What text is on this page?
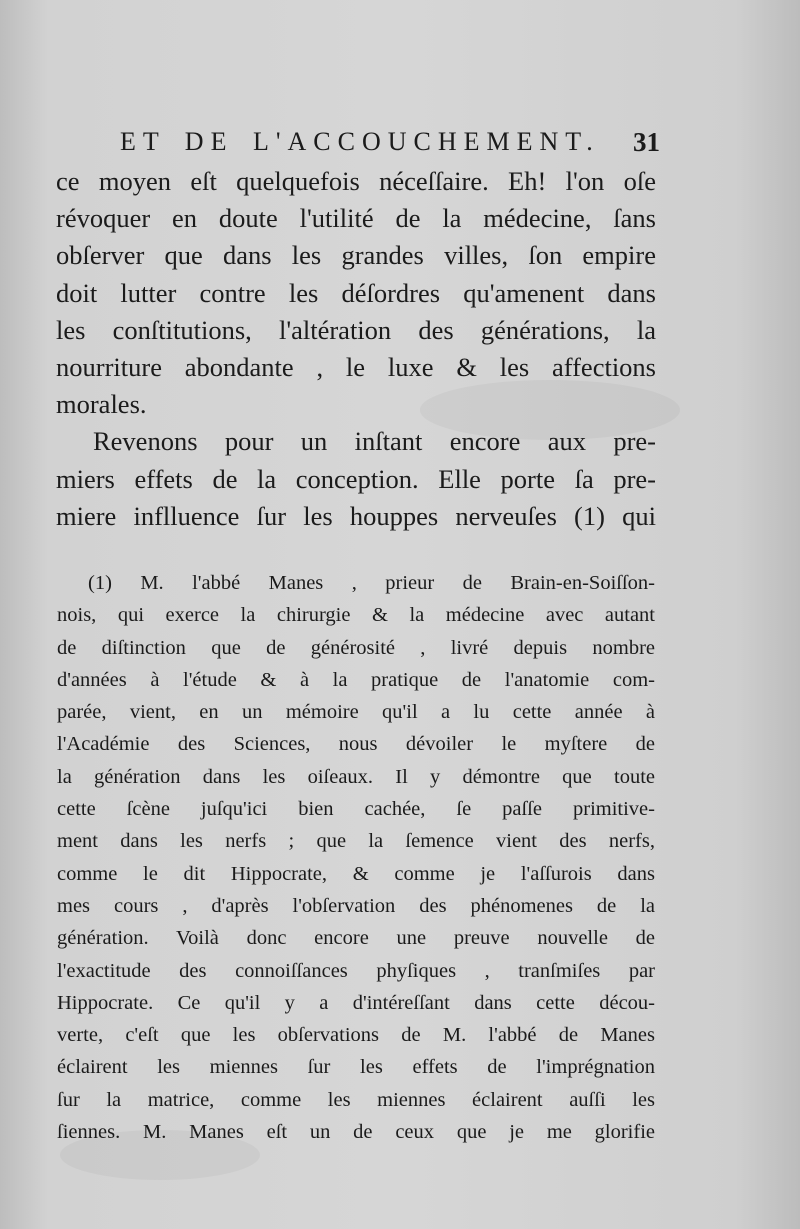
ET DE L'ACCOUCHEMENT. 31
ce moyen eſt quelquefois néceſſaire. Eh! l'on oſe
révoquer en doute l'utilité de la médecine, ſans
obſerver que dans les grandes villes, ſon empire
doit lutter contre les déſordres qu'amenent dans
les conſtitutions, l'altération des générations, la
nourriture abondante , le luxe & les affections
morales.
Revenons pour un inſtant encore aux pre-
miers effets de la conception. Elle porte ſa pre-
miere inflluence ſur les houppes nerveuſes (1) qui
(1) M. l'abbé Manes , prieur de Brain-en-Soiſſon-
nois, qui exerce la chirurgie & la médecine avec autant
de diſtinction que de générosité , livré depuis nombre
d'années à l'étude & à la pratique de l'anatomie com-
parée, vient, en un mémoire qu'il a lu cette année à
l'Académie des Sciences, nous dévoiler le myſtere de
la génération dans les oiſeaux. Il y démontre que toute
cette ſcène juſqu'ici bien cachée, ſe paſſe primitive-
ment dans les nerfs ; que la ſemence vient des nerfs,
comme le dit Hippocrate, & comme je l'aſſurois dans
mes cours , d'après l'obſervation des phénomenes de la
génération. Voilà donc encore une preuve nouvelle de
l'exactitude des connoiſſances phyſiques , tranſmiſes par
Hippocrate. Ce qu'il y a d'intéreſſant dans cette décou-
verte, c'eſt que les obſervations de M. l'abbé de Manes
éclairent les miennes ſur les effets de l'imprégnation
ſur la matrice, comme les miennes éclairent auſſi les
ſiennes. M. Manes eſt un de ceux que je me glorifie
